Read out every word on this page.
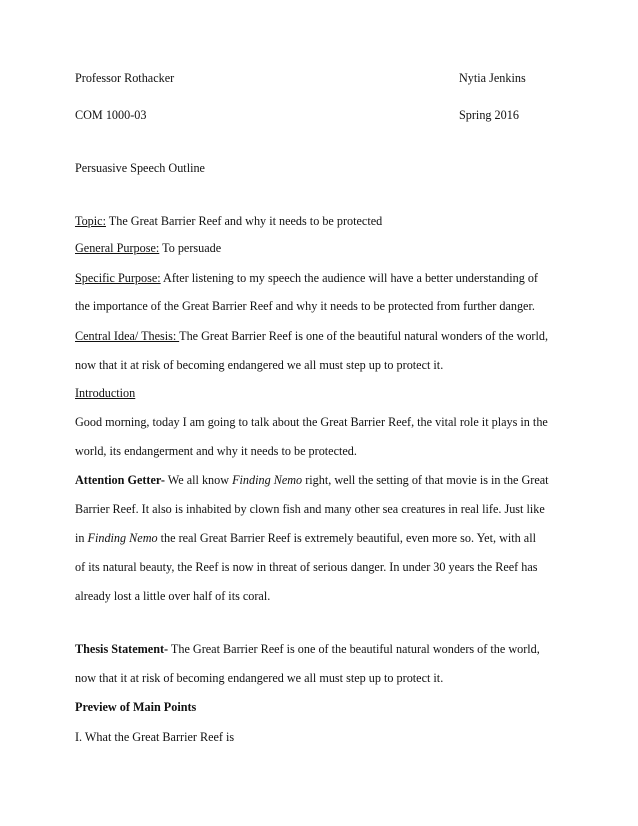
Professor Rothacker	Nytia Jenkins
COM 1000-03	Spring 2016
Persuasive Speech Outline
Topic: The Great Barrier Reef and why it needs to be protected
General Purpose: To persuade
Specific Purpose: After listening to my speech the audience will have a better understanding of
the importance of the Great Barrier Reef and why it needs to be protected from further danger.
Central Idea/ Thesis: The Great Barrier Reef is one of the beautiful natural wonders of the world,
now that it at risk of becoming endangered we all must step up to protect it.
Introduction
Good morning, today I am going to talk about the Great Barrier Reef, the vital role it plays in the
world, its endangerment and why it needs to be protected.
Attention Getter- We all know Finding Nemo right, well the setting of that movie is in the Great
Barrier Reef. It also is inhabited by clown fish and many other sea creatures in real life. Just like
in Finding Nemo the real Great Barrier Reef is extremely beautiful, even more so. Yet, with all
of its natural beauty, the Reef is now in threat of serious danger. In under 30 years the Reef has
already lost a little over half of its coral.
Thesis Statement- The Great Barrier Reef is one of the beautiful natural wonders of the world,
now that it at risk of becoming endangered we all must step up to protect it.
Preview of Main Points
I. What the Great Barrier Reef is
